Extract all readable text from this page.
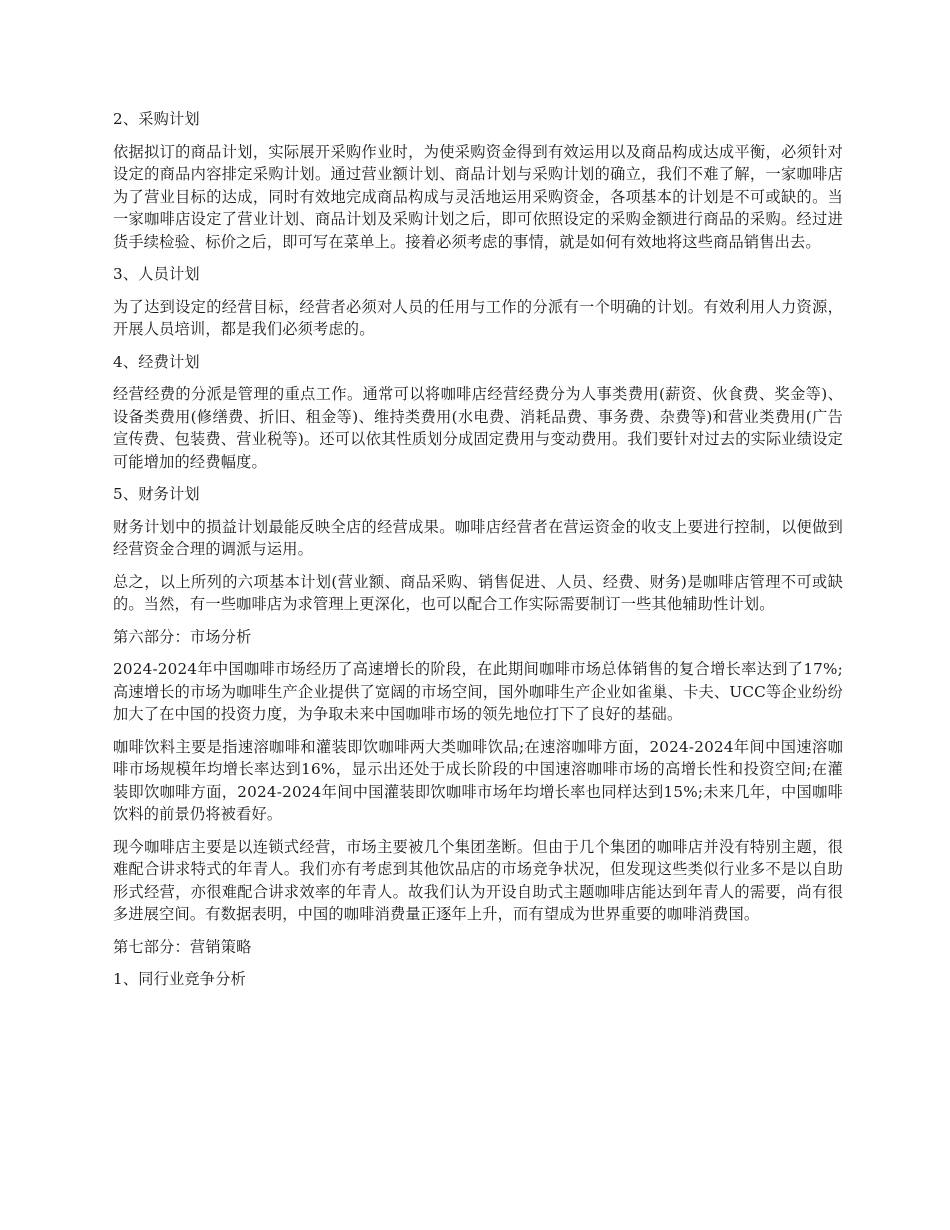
2、采购计划

依据拟订的商品计划，实际展开采购作业时，为使采购资金得到有效运用以及商品构成达成平衡，必须针对设定的商品内容排定采购计划。通过营业额计划、商品计划与采购计划的确立，我们不难了解，一家咖啡店为了营业目标的达成，同时有效地完成商品构成与灵活地运用采购资金，各项基本的计划是不可或缺的。当一家咖啡店设定了营业计划、商品计划及采购计划之后，即可依照设定的采购金额进行商品的采购。经过进货手续检验、标价之后，即可写在菜单上。接着必须考虑的事情，就是如何有效地将这些商品销售出去。

3、人员计划

为了达到设定的经营目标，经营者必须对人员的任用与工作的分派有一个明确的计划。有效利用人力资源，开展人员培训，都是我们必须考虑的。

4、经费计划

经营经费的分派是管理的重点工作。通常可以将咖啡店经营经费分为人事类费用(薪资、伙食费、奖金等)、设备类费用(修缮费、折旧、租金等)、维持类费用(水电费、消耗品费、事务费、杂费等)和营业类费用(广告宣传费、包装费、营业税等)。还可以依其性质划分成固定费用与变动费用。我们要针对过去的实际业绩设定可能增加的经费幅度。

5、财务计划

财务计划中的损益计划最能反映全店的经营成果。咖啡店经营者在营运资金的收支上要进行控制，以便做到经营资金合理的调派与运用。

总之，以上所列的六项基本计划(营业额、商品采购、销售促进、人员、经费、财务)是咖啡店管理不可或缺的。当然，有一些咖啡店为求管理上更深化，也可以配合工作实际需要制订一些其他辅助性计划。

第六部分：市场分析

2024-2024年中国咖啡市场经历了高速增长的阶段，在此期间咖啡市场总体销售的复合增长率达到了17%;高速增长的市场为咖啡生产企业提供了宽阔的市场空间，国外咖啡生产企业如雀巢、卡夫、UCC等企业纷纷加大了在中国的投资力度，为争取未来中国咖啡市场的领先地位打下了良好的基础。

咖啡饮料主要是指速溶咖啡和灌装即饮咖啡两大类咖啡饮品;在速溶咖啡方面，2024-2024年间中国速溶咖啡市场规模年均增长率达到16%，显示出还处于成长阶段的中国速溶咖啡市场的高增长性和投资空间;在灌装即饮咖啡方面，2024-2024年间中国灌装即饮咖啡市场年均增长率也同样达到15%;未来几年，中国咖啡饮料的前景仍将被看好。

现今咖啡店主要是以连锁式经营，市场主要被几个集团垄断。但由于几个集团的咖啡店并没有特别主题，很难配合讲求特式的年青人。我们亦有考虑到其他饮品店的市场竞争状况，但发现这些类似行业多不是以自助形式经营，亦很难配合讲求效率的年青人。故我们认为开设自助式主题咖啡店能达到年青人的需要，尚有很多进展空间。有数据表明，中国的咖啡消费量正逐年上升，而有望成为世界重要的咖啡消费国。

第七部分：营销策略

1、同行业竞争分析
